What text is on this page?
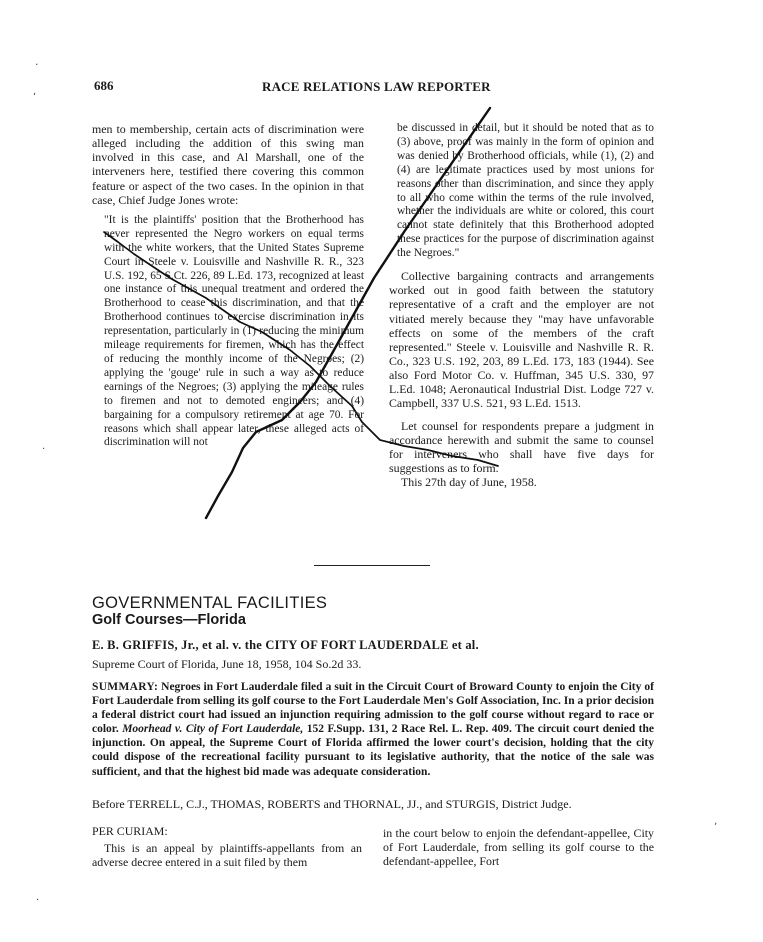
686	RACE RELATIONS LAW REPORTER

men to membership, certain acts of discrimination were alleged including the addition of this swing man involved in this case, and Al Marshall, one of the interveners here, testified there covering this common feature or aspect of the two cases. In the opinion in that case, Chief Judge Jones wrote:

"It is the plaintiffs' position that the Brotherhood has never represented the Negro workers on equal terms with the white workers, that the United States Supreme Court in Steele v. Louisville and Nashville R. R., 323 U.S. 192, 65 S.Ct. 226, 89 L.Ed. 173, recognized at least one instance of this unequal treatment and ordered the Brotherhood to cease this discrimination, and that the Brotherhood continues to exercise discrimination in its representation, particularly in (1) reducing the minimum mileage requirements for firemen, which has the effect of reducing the monthly income of the Negroes; (2) applying the 'gouge' rule in such a way as to reduce earnings of the Negroes; (3) applying the mileage rules to firemen and not to demoted engineers; and (4) bargaining for a compulsory retirement at age 70. For reasons which shall appear later, these alleged acts of discrimination will not

be discussed in detail, but it should be noted that as to (3) above, proof was mainly in the form of opinion and was denied by Brotherhood officials, while (1), (2) and (4) are legitimate practices used by most unions for reasons other than discrimination, and since they apply to all who come within the terms of the rule involved, whether the individuals are white or colored, this court cannot state definitely that this Brotherhood adopted these practices for the purpose of discrimination against the Negroes."

Collective bargaining contracts and arrangements worked out in good faith between the statutory representative of a craft and the employer are not vitiated merely because they "may have unfavorable effects on some of the members of the craft represented." Steele v. Louisville and Nashville R. R. Co., 323 U.S. 192, 203, 89 L.Ed. 173, 183 (1944). See also Ford Motor Co. v. Huffman, 345 U.S. 330, 97 L.Ed. 1048; Aeronautical Industrial Dist. Lodge 727 v. Campbell, 337 U.S. 521, 93 L.Ed. 1513.

Let counsel for respondents prepare a judgment in accordance herewith and submit the same to counsel for interveners who shall have five days for suggestions as to form.

This 27th day of June, 1958.

GOVERNMENTAL FACILITIES
Golf Courses—Florida
E. B. GRIFFIS, Jr., et al. v. the CITY OF FORT LAUDERDALE et al.
Supreme Court of Florida, June 18, 1958, 104 So.2d 33.
SUMMARY: Negroes in Fort Lauderdale filed a suit in the Circuit Court of Broward County to enjoin the City of Fort Lauderdale from selling its golf course to the Fort Lauderdale Men's Golf Association, Inc. In a prior decision a federal district court had issued an injunction requiring admission to the golf course without regard to race or color. Moorhead v. City of Fort Lauderdale, 152 F.Supp. 131, 2 Race Rel. L. Rep. 409. The circuit court denied the injunction. On appeal, the Supreme Court of Florida affirmed the lower court's decision, holding that the city could dispose of the recreational facility pursuant to its legislative authority, that the notice of the sale was sufficient, and that the highest bid made was adequate consideration.
Before TERRELL, C.J., THOMAS, ROBERTS and THORNAL, JJ., and STURGIS, District Judge.

PER CURIAM:

This is an appeal by plaintiffs-appellants from an adverse decree entered in a suit filed by them

in the court below to enjoin the defendant-appellee, City of Fort Lauderdale, from selling its golf course to the defendant-appellee, Fort

·
ʻ
·
ʼ
·
